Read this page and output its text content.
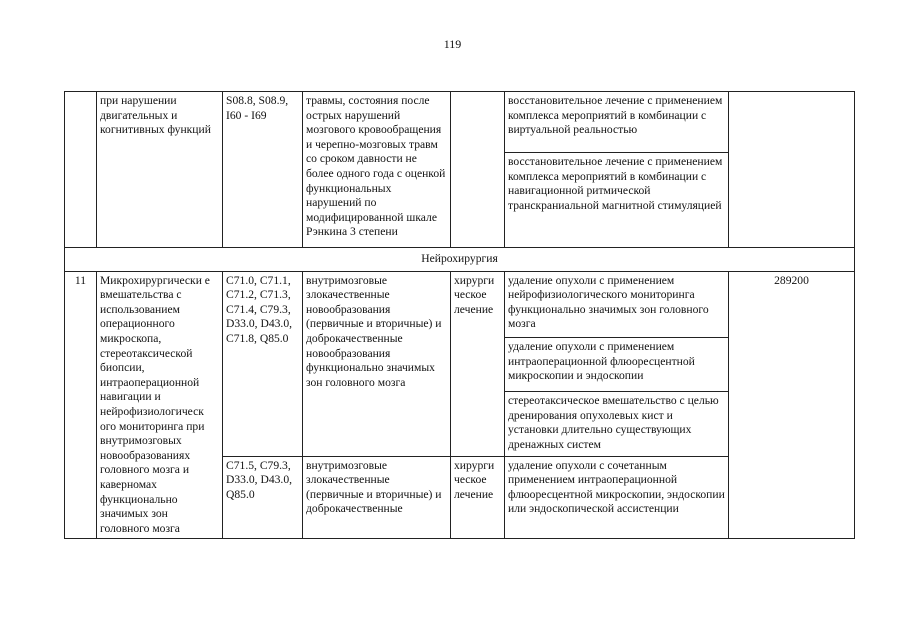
119
	при нарушении двигательных и когнитивных функций	S08.8, S08.9, I60 - I69	травмы, состояния после острых нарушений мозгового кровообращения и черепно-мозговых травм со сроком давности не более одного года с оценкой функциональных нарушений по модифицированной шкале Рэнкина 3 степени		восстановительное лечение с применением комплекса мероприятий в комбинации с виртуальной реальностью	
					восстановительное лечение с применением комплекса мероприятий в комбинации с навигационной ритмической транскраниальной магнитной стимуляцией	
Нейрохирургия						
11	Микрохирургически е вмешательства с использованием операционного микроскопа, стереотаксической биопсии, интраоперационной навигации и нейрофизиологическ ого мониторинга при внутримозговых новообразованиях головного мозга и каверномах функционально значимых зон головного мозга	C71.0, C71.1, C71.2, C71.3, C71.4, C79.3, D33.0, D43.0, C71.8, Q85.0	внутримозговые злокачественные новообразования (первичные и вторичные) и доброкачественные новообразования функционально значимых зон головного мозга	хирурги ческое лечение	удаление опухоли с применением нейрофизиологического мониторинга функционально значимых зон головного мозга	289200
					удаление опухоли с применением интраоперационной флюоресцентной микроскопии и эндоскопии	
					стереотаксическое вмешательство с целью дренирования опухолевых кист и установки длительно существующих дренажных систем	
		C71.5, C79.3, D33.0, D43.0, Q85.0	внутримозговые злокачественные (первичные и вторичные) и доброкачественные	хирурги ческое лечение	удаление опухоли с сочетанным применением интраоперационной флюоресцентной микроскопии, эндоскопии или эндоскопической ассистенции	
